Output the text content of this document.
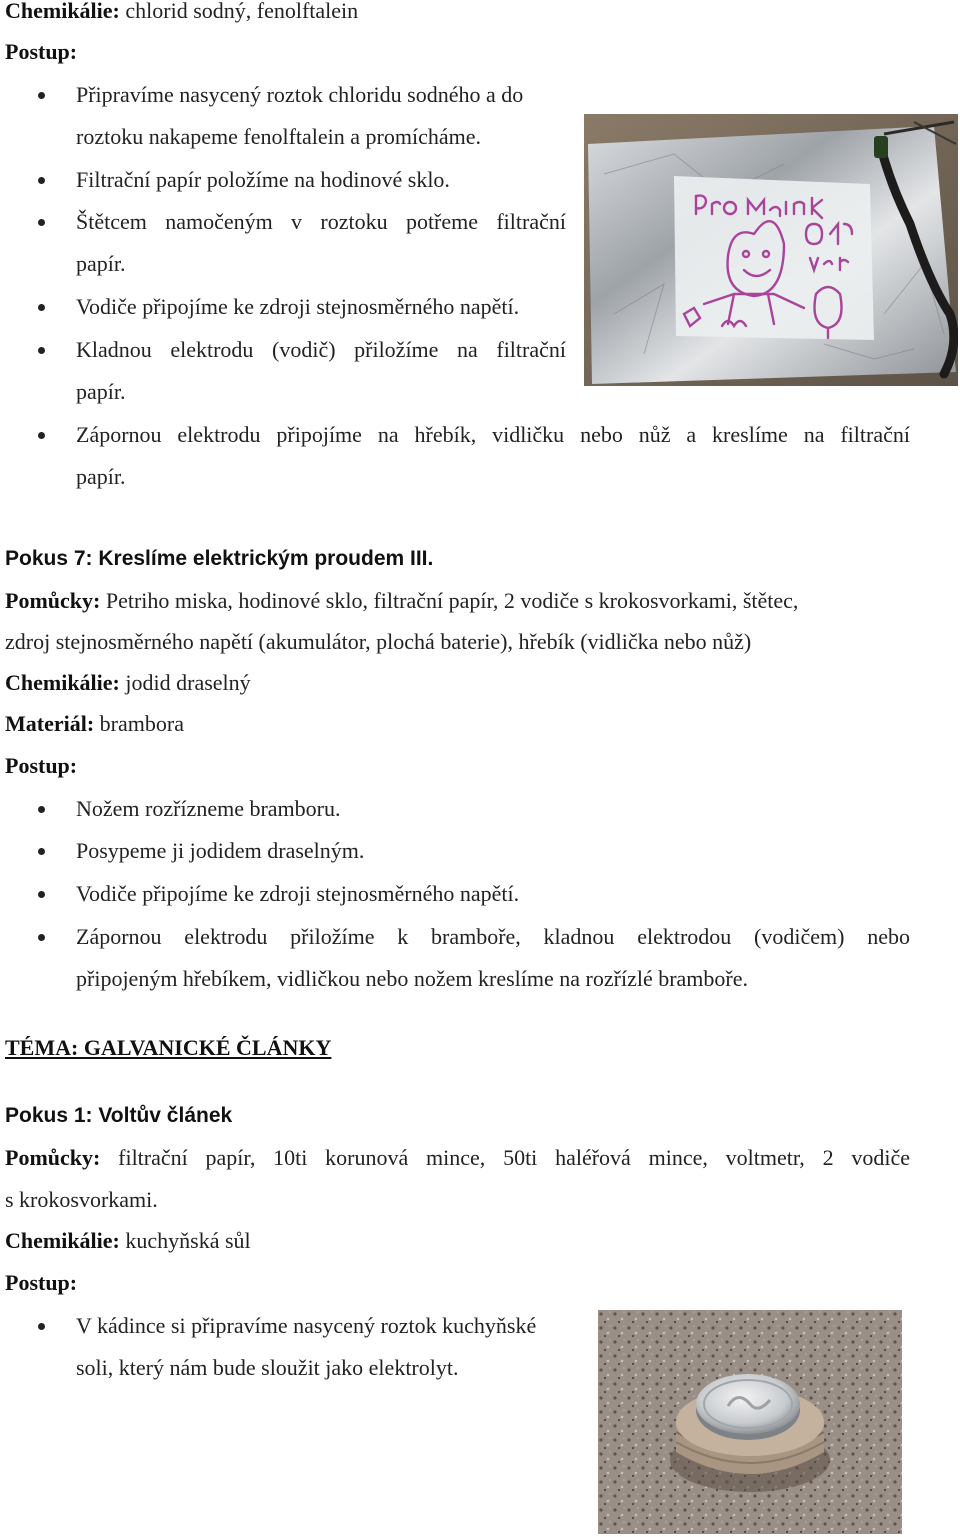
Chemikálie: chlorid sodný, fenolftalein
Postup:
Připravíme nasycený roztok chloridu sodného a do
roztoku nakapeme fenolftalein a promícháme.
Filtrační papír položíme na hodinové sklo.
Štětcem namočeným v roztoku potřeme filtrační
papír.
Vodiče připojíme ke zdroji stejnosměrného napětí.
Kladnou elektrodu (vodič) přiložíme na filtrační
papír.
Zápornou elektrodu připojíme na hřebík, vidličku nebo nůž a kreslíme na filtrační
papír.
Pokus 7: Kreslíme elektrickým proudem III.
Pomůcky: Petriho miska, hodinové sklo, filtrační papír, 2 vodiče s krokosvorkami, štětec,
zdroj stejnosměrného napětí (akumulátor, plochá baterie), hřebík (vidlička nebo nůž)
Chemikálie: jodid draselný
Materiál: brambora
Postup:
Nožem rozřízneme bramboru.
Posypeme ji jodidem draselným.
Vodiče připojíme ke zdroji stejnosměrného napětí.
Zápornou elektrodu přiložíme k bramboře, kladnou elektrodou (vodičem) nebo
připojeným hřebíkem, vidličkou nebo nožem kreslíme na rozřízlé bramboře.
TÉMA: GALVANICKÉ ČLÁNKY
Pokus 1: Voltův článek
Pomůcky: filtrační papír, 10ti korunová mince, 50ti haléřová mince, voltmetr, 2 vodiče
s krokosvorkami.
Chemikálie: kuchyňská sůl
Postup:
V kádince si připravíme nasycený roztok kuchyňské
soli, který nám bude sloužit jako elektrolyt.
